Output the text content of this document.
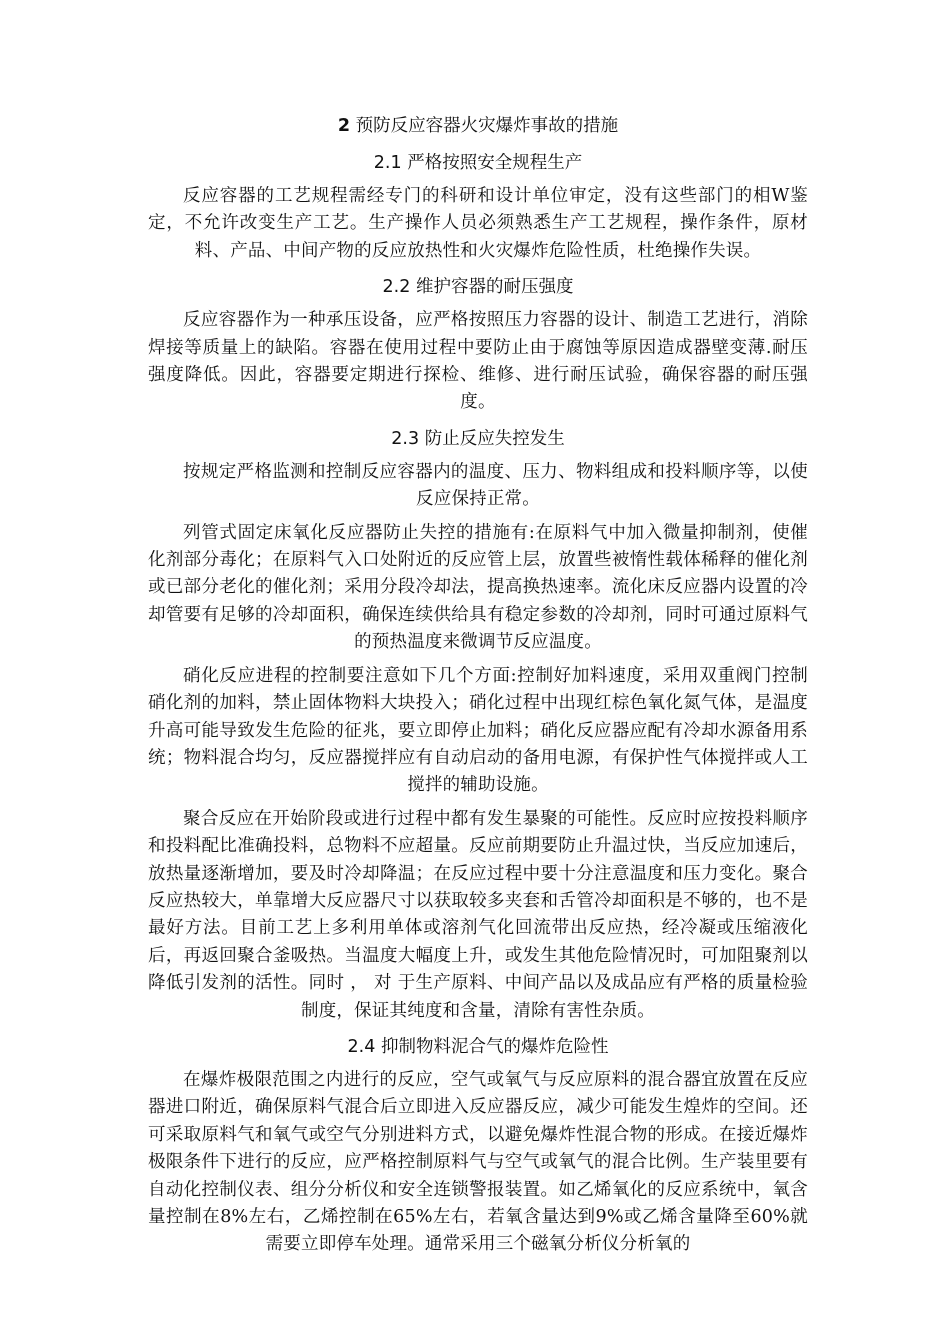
2 预防反应容器火灾爆炸事故的措施
2.1 严格按照安全规程生产

反应容器的工艺规程需经专门的科研和设计单位审定，没有这些部门的相W鉴定，不允许改变生产工艺。生产操作人员必须熟悉生产工艺规程，操作条件，原材料、产品、中间产物的反应放热性和火灾爆炸危险性质，杜绝操作失误。

2.2 维护容器的耐压强度

反应容器作为一种承压设备，应严格按照压力容器的设计、制造工艺进行，消除焊接等质量上的缺陷。容器在使用过程中要防止由于腐蚀等原因造成器壁变薄.耐压强度降低。因此，容器要定期进行探检、维修、进行耐压试验，确保容器的耐压强度。

2.3 防止反应失控发生

按规定严格监测和控制反应容器内的温度、压力、物料组成和投料顺序等，以使反应保持正常。

列管式固定床氧化反应器防止失控的措施有:在原料气中加入微量抑制剂，使催化剂部分毒化；在原料气入口处附近的反应管上层，放置些被惰性载体稀释的催化剂或已部分老化的催化剂；采用分段冷却法，提高换热速率。流化床反应器内设置的冷却管要有足够的冷却面积，确保连续供给具有稳定参数的冷却剂，同时可通过原料气的预热温度来微调节反应温度。

硝化反应进程的控制要注意如下几个方面:控制好加料速度，采用双重阀门控制硝化剂的加料，禁止固体物料大块投入；硝化过程中出现红棕色氧化氮气体，是温度升高可能导致发生危险的征兆，要立即停止加料；硝化反应器应配有冷却水源备用系统；物料混合均匀，反应器搅拌应有自动启动的备用电源，有保护性气体搅拌或人工搅拌的辅助设施。

聚合反应在开始阶段或进行过程中都有发生暴聚的可能性。反应时应按投料顺序和投料配比准确投料，总物料不应超量。反应前期要防止升温过快，当反应加速后，放热量逐渐增加，要及时冷却降温；在反应过程中要十分注意温度和压力变化。聚合反应热较大，单靠增大反应器尺寸以获取较多夹套和舌管冷却面积是不够的，也不是最好方法。目前工艺上多利用单体或溶剂气化回流带出反应热，经冷凝或压缩液化后，再返回聚合釜吸热。当温度大幅度上升，或发生其他危险情况时，可加阻聚剂以降低引发剂的活性。同时 ， 对 于生产原料、中间产品以及成品应有严格的质量检验制度，保证其纯度和含量，清除有害性杂质。

2.4 抑制物料泥合气的爆炸危险性

在爆炸极限范围之内进行的反应，空气或氧气与反应原料的混合器宜放置在反应器进口附近，确保原料气混合后立即进入反应器反应，减少可能发生煌炸的空间。还可采取原料气和氧气或空气分别进料方式，以避免爆炸性混合物的形成。在接近爆炸极限条件下进行的反应，应严格控制原料气与空气或氧气的混合比例。生产装里要有自动化控制仪表、组分分析仪和安全连锁警报装置。如乙烯氧化的反应系统中，氧含量控制在8%左右，乙烯控制在65%左右，若氧含量达到9%或乙烯含量降至60%就需要立即停车处理。通常采用三个磁氧分析仪分析氧的
